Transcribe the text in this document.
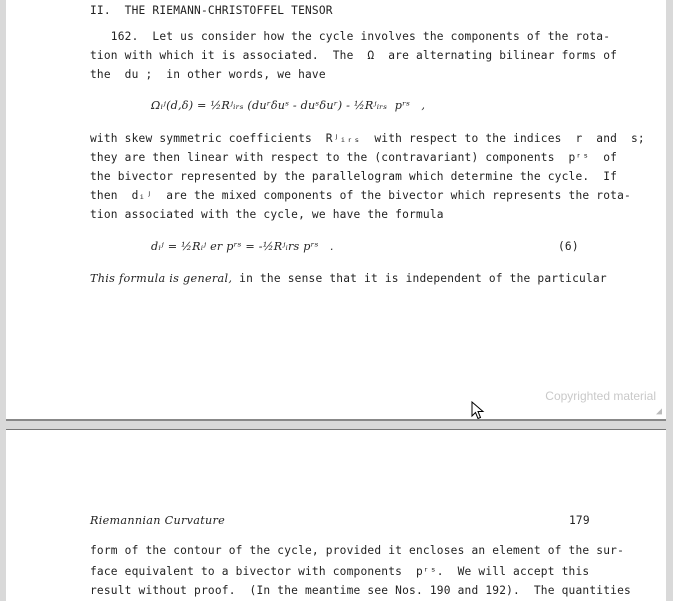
II.  THE RIEMANN-CHRISTOFFEL TENSOR
162.  Let us consider how the cycle involves the components of the rota-
tion with which it is associated.  The  Ω  are alternating bilinear forms of
the  du ;  in other words, we have
Ωᵢʲ(d,δ) = ½Rʲᵢᵣₛ (duʳδuˢ - duˢδuʳ) - ½Rʲᵢᵣₛ  pʳˢ   ,
with skew symmetric coefficients  Rʲᵢᵣₛ  with respect to the indices  r  and  s;
they are then linear with respect to the (contravariant) components  pʳˢ  of
the bivector represented by the parallelogram which determine the cycle.  If
then  dᵢʲ  are the mixed components of the bivector which represents the rota-
tion associated with the cycle, we have the formula
dᵢʲ = ½Rᵢʲ er pʳˢ = -½Rʲᵢrs pʳˢ   .	(6)
This formula is general, in the sense that it is independent of the particular
Copyrighted material
◢
Riemannian Curvature	179
form of the contour of the cycle, provided it encloses an element of the sur-
face equivalent to a bivector with components  pʳˢ.  We will accept this
result without proof.  (In the meantime see Nos. 190 and 192).  The quantities
